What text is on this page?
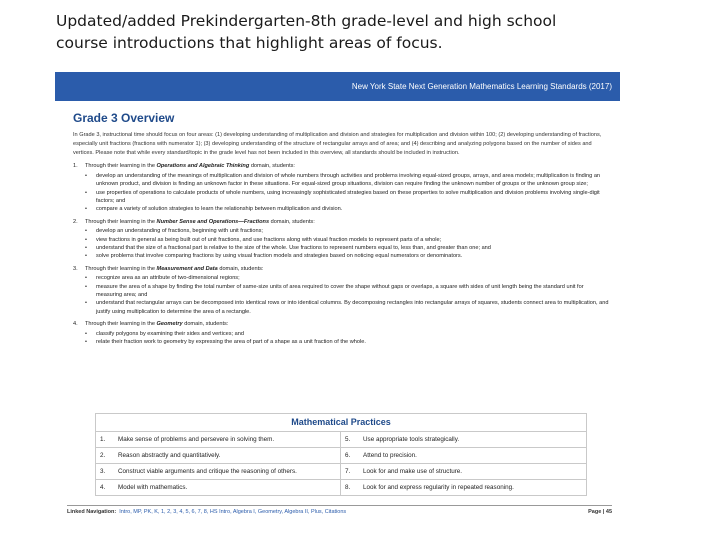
Updated/added Prekindergarten-8th grade-level and high school
course introductions that highlight areas of focus.
New York State Next Generation Mathematics Learning Standards (2017)
Grade 3 Overview
In Grade 3, instructional time should focus on four areas: (1) developing understanding of multiplication and division and strategies for multiplication and division within 100; (2) developing understanding of fractions, especially unit fractions (fractions with numerator 1); (3) developing understanding of the structure of rectangular arrays and of area; and (4) describing and analyzing polygons based on the number of sides and vertices. Please note that while every standard/topic in the grade level has not been included in this overview, all standards should be included in instruction.
1.	Through their learning in the Operations and Algebraic Thinking domain, students:
• develop an understanding of the meanings of multiplication and division of whole numbers through activities and problems involving equal-sized groups, arrays, and area models; multiplication is finding an unknown product, and division is finding an unknown factor in these situations. For equal-sized group situations, division can require finding the unknown number of groups or the unknown group size;
• use properties of operations to calculate products of whole numbers, using increasingly sophisticated strategies based on these properties to solve multiplication and division problems involving single-digit factors; and
• compare a variety of solution strategies to learn the relationship between multiplication and division.
2.	Through their learning in the Number Sense and Operations—Fractions domain, students:
• develop an understanding of fractions, beginning with unit fractions;
• view fractions in general as being built out of unit fractions, and use fractions along with visual fraction models to represent parts of a whole;
• understand that the size of a fractional part is relative to the size of the whole. Use fractions to represent numbers equal to, less than, and greater than one; and
• solve problems that involve comparing fractions by using visual fraction models and strategies based on noticing equal numerators or denominators.
3.	Through their learning in the Measurement and Data domain, students:
• recognize area as an attribute of two-dimensional regions;
• measure the area of a shape by finding the total number of same-size units of area required to cover the shape without gaps or overlaps, a square with sides of unit length being the standard unit for measuring area; and
• understand that rectangular arrays can be decomposed into identical rows or into identical columns. By decomposing rectangles into rectangular arrays of squares, students connect area to multiplication, and justify using multiplication to determine the area of a rectangle.
4.	Through their learning in the Geometry domain, students:
• classify polygons by examining their sides and vertices; and
• relate their fraction work to geometry by expressing the area of part of a shape as a unit fraction of the whole.
Mathematical Practices
1.	Make sense of problems and persevere in solving them.	5.	Use appropriate tools strategically.
2.	Reason abstractly and quantitatively.	6.	Attend to precision.
3.	Construct viable arguments and critique the reasoning of others.	7.	Look for and make use of structure.
4.	Model with mathematics.	8.	Look for and express regularity in repeated reasoning.
Linked Navigation: Intro, MP, PK, K, 1, 2, 3, 4, 5, 6, 7, 8, HS Intro, Algebra I, Geometry, Algebra II, Plus, Citations	Page | 45
